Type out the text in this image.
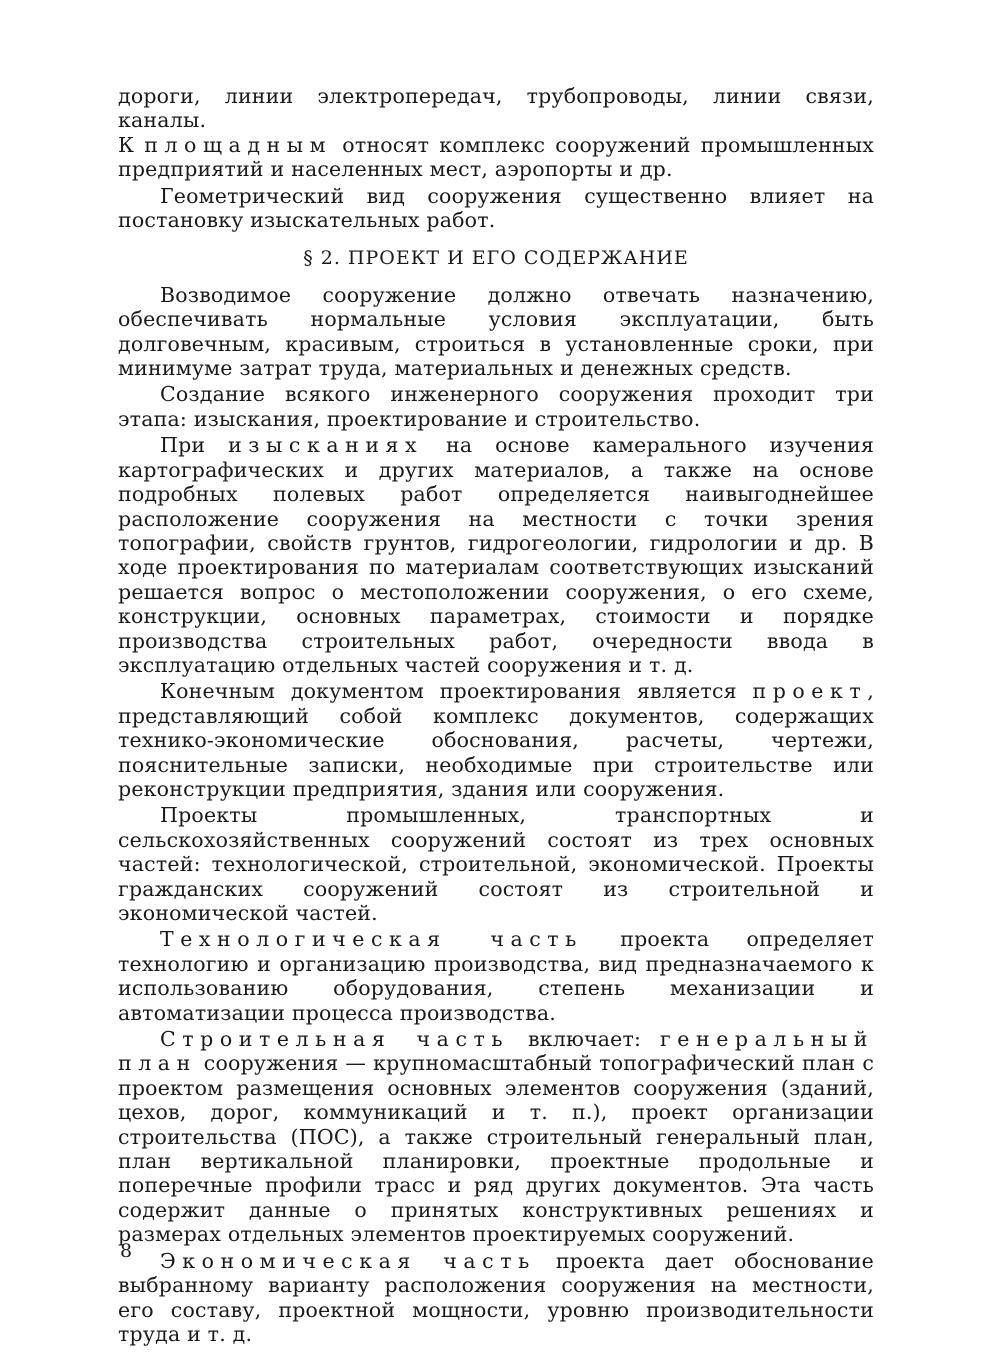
дороги, линии электропередач, трубопроводы, линии связи, каналы.

К площадным относят комплекс сооружений промышленных предприятий и населенных мест, аэропорты и др.

Геометрический вид сооружения существенно влияет на постановку изыскательных работ.

§ 2. ПРОЕКТ И ЕГО СОДЕРЖАНИЕ

Возводимое сооружение должно отвечать назначению, обеспечивать нормальные условия эксплуатации, быть долговечным, красивым, строиться в установленные сроки, при минимуме затрат труда, материальных и денежных средств.

Создание всякого инженерного сооружения проходит три этапа: изыскания, проектирование и строительство.

При изысканиях на основе камерального изучения картографических и других материалов, а также на основе подробных полевых работ определяется наивыгоднейшее расположение сооружения на местности с точки зрения топографии, свойств грунтов, гидрогеологии, гидрологии и др. В ходе проектирования по материалам соответствующих изысканий решается вопрос о местоположении сооружения, о его схеме, конструкции, основных параметрах, стоимости и порядке производства строительных работ, очередности ввода в эксплуатацию отдельных частей сооружения и т. д.

Конечным документом проектирования является проект, представляющий собой комплекс документов, содержащих технико-экономические обоснования, расчеты, чертежи, пояснительные записки, необходимые при строительстве или реконструкции предприятия, здания или сооружения.

Проекты промышленных, транспортных и сельскохозяйственных сооружений состоят из трех основных частей: технологической, строительной, экономической. Проекты гражданских сооружений состоят из строительной и экономической частей.

Технологическая часть проекта определяет технологию и организацию производства, вид предназначаемого к использованию оборудования, степень механизации и автоматизации процесса производства.

Строительная часть включает: генеральный план сооружения — крупномасштабный топографический план с проектом размещения основных элементов сооружения (зданий, цехов, дорог, коммуникаций и т. п.), проект организации строительства (ПОС), а также строительный генеральный план, план вертикальной планировки, проектные продольные и поперечные профили трасс и ряд других документов. Эта часть содержит данные о принятых конструктивных решениях и размерах отдельных элементов проектируемых сооружений.

Экономическая часть проекта дает обоснование выбранному варианту расположения сооружения на местности, его составу, проектной мощности, уровню производительности труда и т. д.

8
